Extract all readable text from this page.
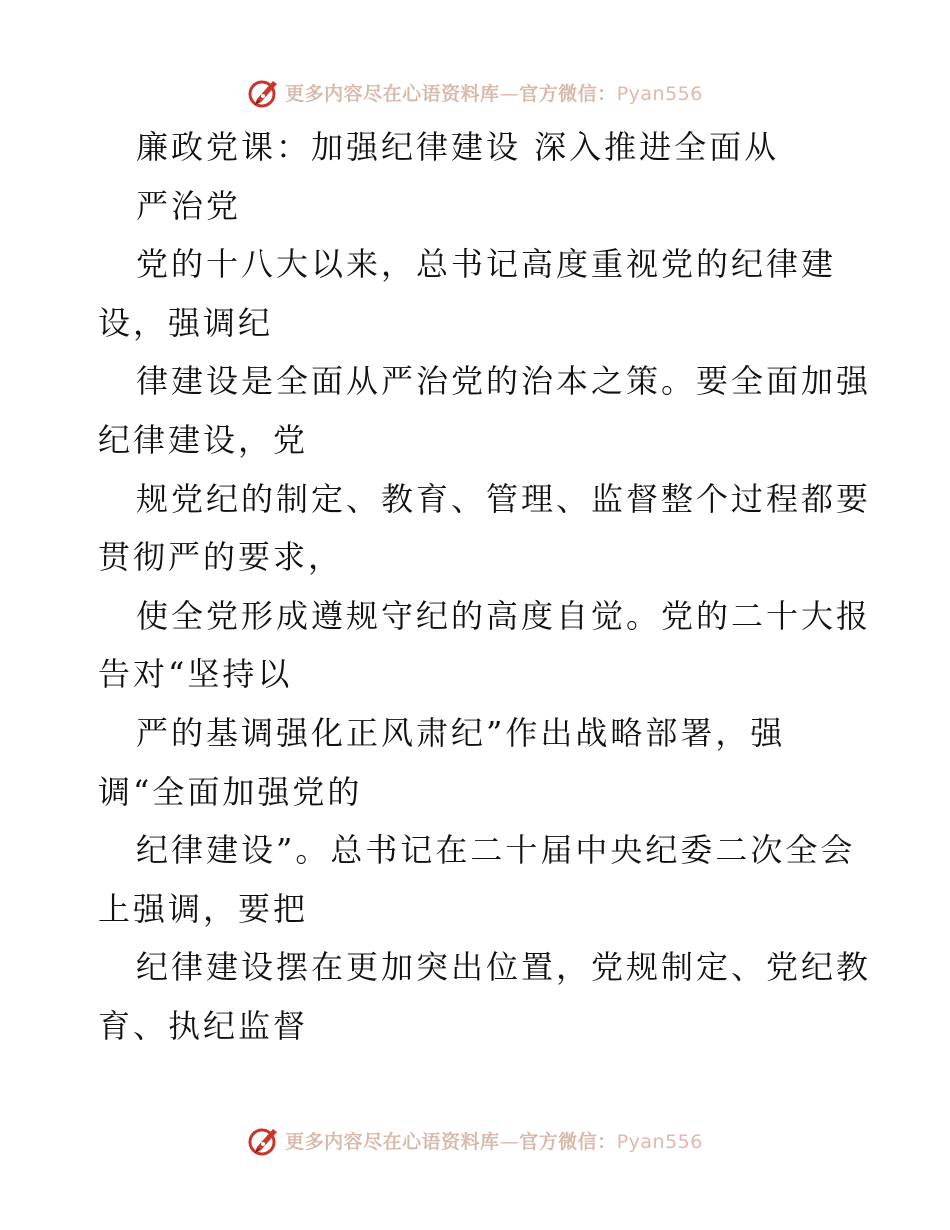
更多内容尽在心语资料库—官方微信：Pyan556
廉政党课：加强纪律建设 深入推进全面从
严治党
党的十八大以来，总书记高度重视党的纪律建
设，强调纪
律建设是全面从严治党的治本之策。要全面加强
纪律建设，党
规党纪的制定、教育、管理、监督整个过程都要
贯彻严的要求，
使全党形成遵规守纪的高度自觉。党的二十大报
告对“坚持以
严的基调强化正风肃纪”作出战略部署，强
调“全面加强党的
纪律建设”。总书记在二十届中央纪委二次全会
上强调，要把
纪律建设摆在更加突出位置，党规制定、党纪教
育、执纪监督
更多内容尽在心语资料库—官方微信：Pyan556
